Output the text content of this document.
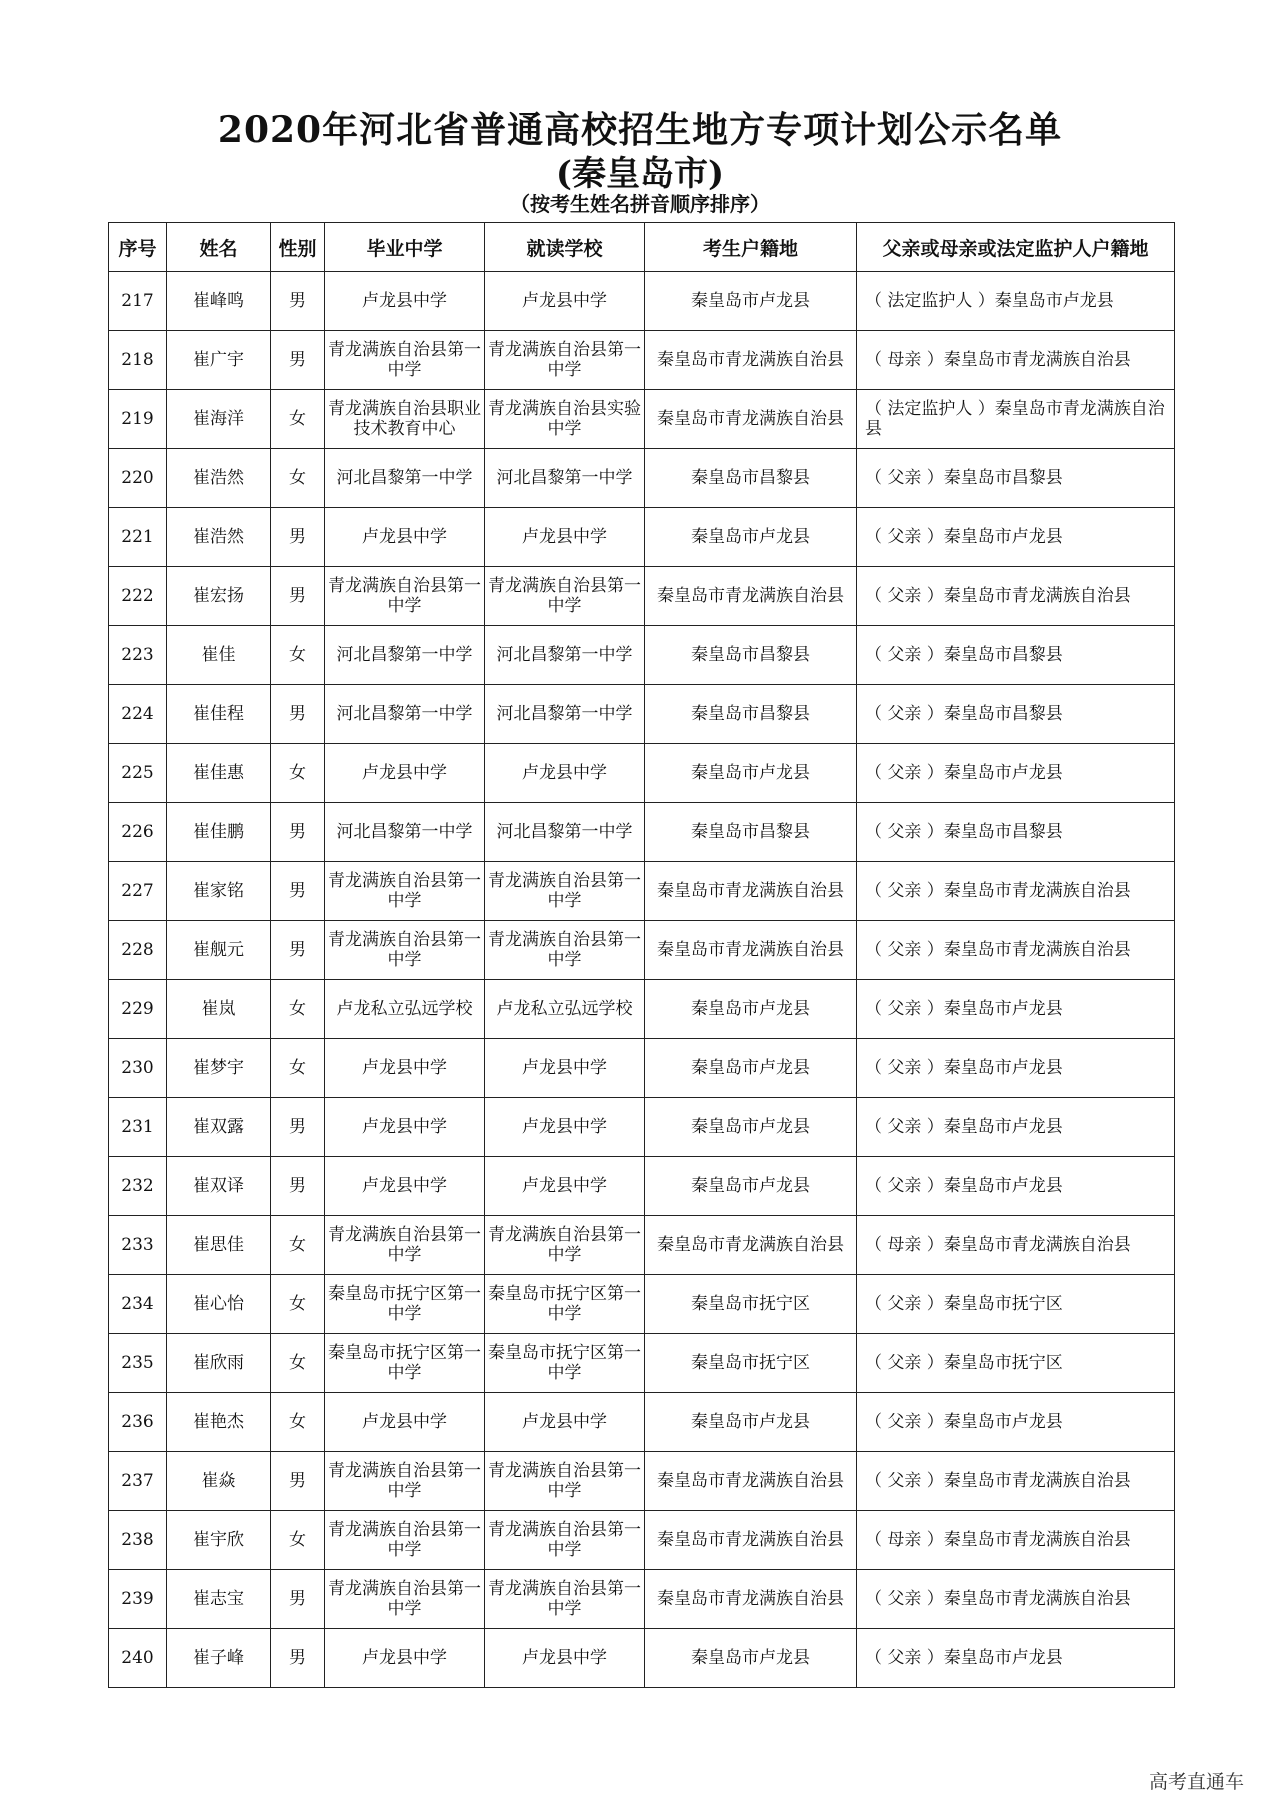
2020年河北省普通高校招生地方专项计划公示名单
(秦皇岛市)
（按考生姓名拼音顺序排序）
序号	姓名	性别	毕业中学	就读学校	考生户籍地	父亲或母亲或法定监护人户籍地
217	崔峰鸣	男	卢龙县中学	卢龙县中学	秦皇岛市卢龙县	（ 法定监护人 ）秦皇岛市卢龙县
218	崔广宇	男	青龙满族自治县第一中学	青龙满族自治县第一中学	秦皇岛市青龙满族自治县	（ 母亲 ）秦皇岛市青龙满族自治县
219	崔海洋	女	青龙满族自治县职业技术教育中心	青龙满族自治县实验中学	秦皇岛市青龙满族自治县	（ 法定监护人 ）秦皇岛市青龙满族自治县
220	崔浩然	女	河北昌黎第一中学	河北昌黎第一中学	秦皇岛市昌黎县	（ 父亲 ）秦皇岛市昌黎县
221	崔浩然	男	卢龙县中学	卢龙县中学	秦皇岛市卢龙县	（ 父亲 ）秦皇岛市卢龙县
222	崔宏扬	男	青龙满族自治县第一中学	青龙满族自治县第一中学	秦皇岛市青龙满族自治县	（ 父亲 ）秦皇岛市青龙满族自治县
223	崔佳	女	河北昌黎第一中学	河北昌黎第一中学	秦皇岛市昌黎县	（ 父亲 ）秦皇岛市昌黎县
224	崔佳程	男	河北昌黎第一中学	河北昌黎第一中学	秦皇岛市昌黎县	（ 父亲 ）秦皇岛市昌黎县
225	崔佳惠	女	卢龙县中学	卢龙县中学	秦皇岛市卢龙县	（ 父亲 ）秦皇岛市卢龙县
226	崔佳鹏	男	河北昌黎第一中学	河北昌黎第一中学	秦皇岛市昌黎县	（ 父亲 ）秦皇岛市昌黎县
227	崔家铭	男	青龙满族自治县第一中学	青龙满族自治县第一中学	秦皇岛市青龙满族自治县	（ 父亲 ）秦皇岛市青龙满族自治县
228	崔舰元	男	青龙满族自治县第一中学	青龙满族自治县第一中学	秦皇岛市青龙满族自治县	（ 父亲 ）秦皇岛市青龙满族自治县
229	崔岚	女	卢龙私立弘远学校	卢龙私立弘远学校	秦皇岛市卢龙县	（ 父亲 ）秦皇岛市卢龙县
230	崔梦宇	女	卢龙县中学	卢龙县中学	秦皇岛市卢龙县	（ 父亲 ）秦皇岛市卢龙县
231	崔双露	男	卢龙县中学	卢龙县中学	秦皇岛市卢龙县	（ 父亲 ）秦皇岛市卢龙县
232	崔双译	男	卢龙县中学	卢龙县中学	秦皇岛市卢龙县	（ 父亲 ）秦皇岛市卢龙县
233	崔思佳	女	青龙满族自治县第一中学	青龙满族自治县第一中学	秦皇岛市青龙满族自治县	（ 母亲 ）秦皇岛市青龙满族自治县
234	崔心怡	女	秦皇岛市抚宁区第一中学	秦皇岛市抚宁区第一中学	秦皇岛市抚宁区	（ 父亲 ）秦皇岛市抚宁区
235	崔欣雨	女	秦皇岛市抚宁区第一中学	秦皇岛市抚宁区第一中学	秦皇岛市抚宁区	（ 父亲 ）秦皇岛市抚宁区
236	崔艳杰	女	卢龙县中学	卢龙县中学	秦皇岛市卢龙县	（ 父亲 ）秦皇岛市卢龙县
237	崔焱	男	青龙满族自治县第一中学	青龙满族自治县第一中学	秦皇岛市青龙满族自治县	（ 父亲 ）秦皇岛市青龙满族自治县
238	崔宇欣	女	青龙满族自治县第一中学	青龙满族自治县第一中学	秦皇岛市青龙满族自治县	（ 母亲 ）秦皇岛市青龙满族自治县
239	崔志宝	男	青龙满族自治县第一中学	青龙满族自治县第一中学	秦皇岛市青龙满族自治县	（ 父亲 ）秦皇岛市青龙满族自治县
240	崔子峰	男	卢龙县中学	卢龙县中学	秦皇岛市卢龙县	（ 父亲 ）秦皇岛市卢龙县
高考直通车
